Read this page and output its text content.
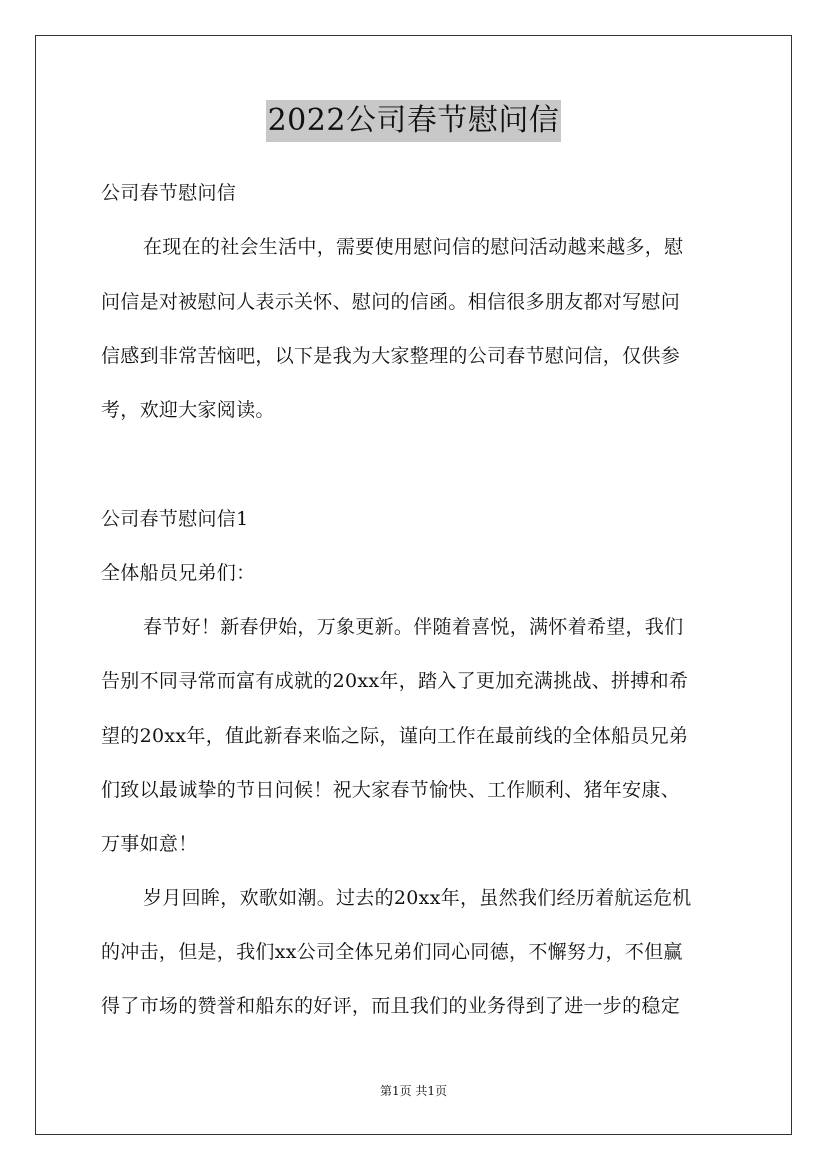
2022公司春节慰问信
公司春节慰问信
在现在的社会生活中，需要使用慰问信的慰问活动越来越多，慰
问信是对被慰问人表示关怀、慰问的信函。相信很多朋友都对写慰问
信感到非常苦恼吧，以下是我为大家整理的公司春节慰问信，仅供参
考，欢迎大家阅读。
公司春节慰问信1
全体船员兄弟们：
春节好！新春伊始，万象更新。伴随着喜悦，满怀着希望，我们
告别不同寻常而富有成就的20xx年，踏入了更加充满挑战、拼搏和希
望的20xx年，值此新春来临之际，谨向工作在最前线的全体船员兄弟
们致以最诚挚的节日问候！祝大家春节愉快、工作顺利、猪年安康、
万事如意！
岁月回眸，欢歌如潮。过去的20xx年，虽然我们经历着航运危机
的冲击，但是，我们xx公司全体兄弟们同心同德，不懈努力，不但赢
得了市场的赞誉和船东的好评，而且我们的业务得到了进一步的稳定
第1页 共1页
